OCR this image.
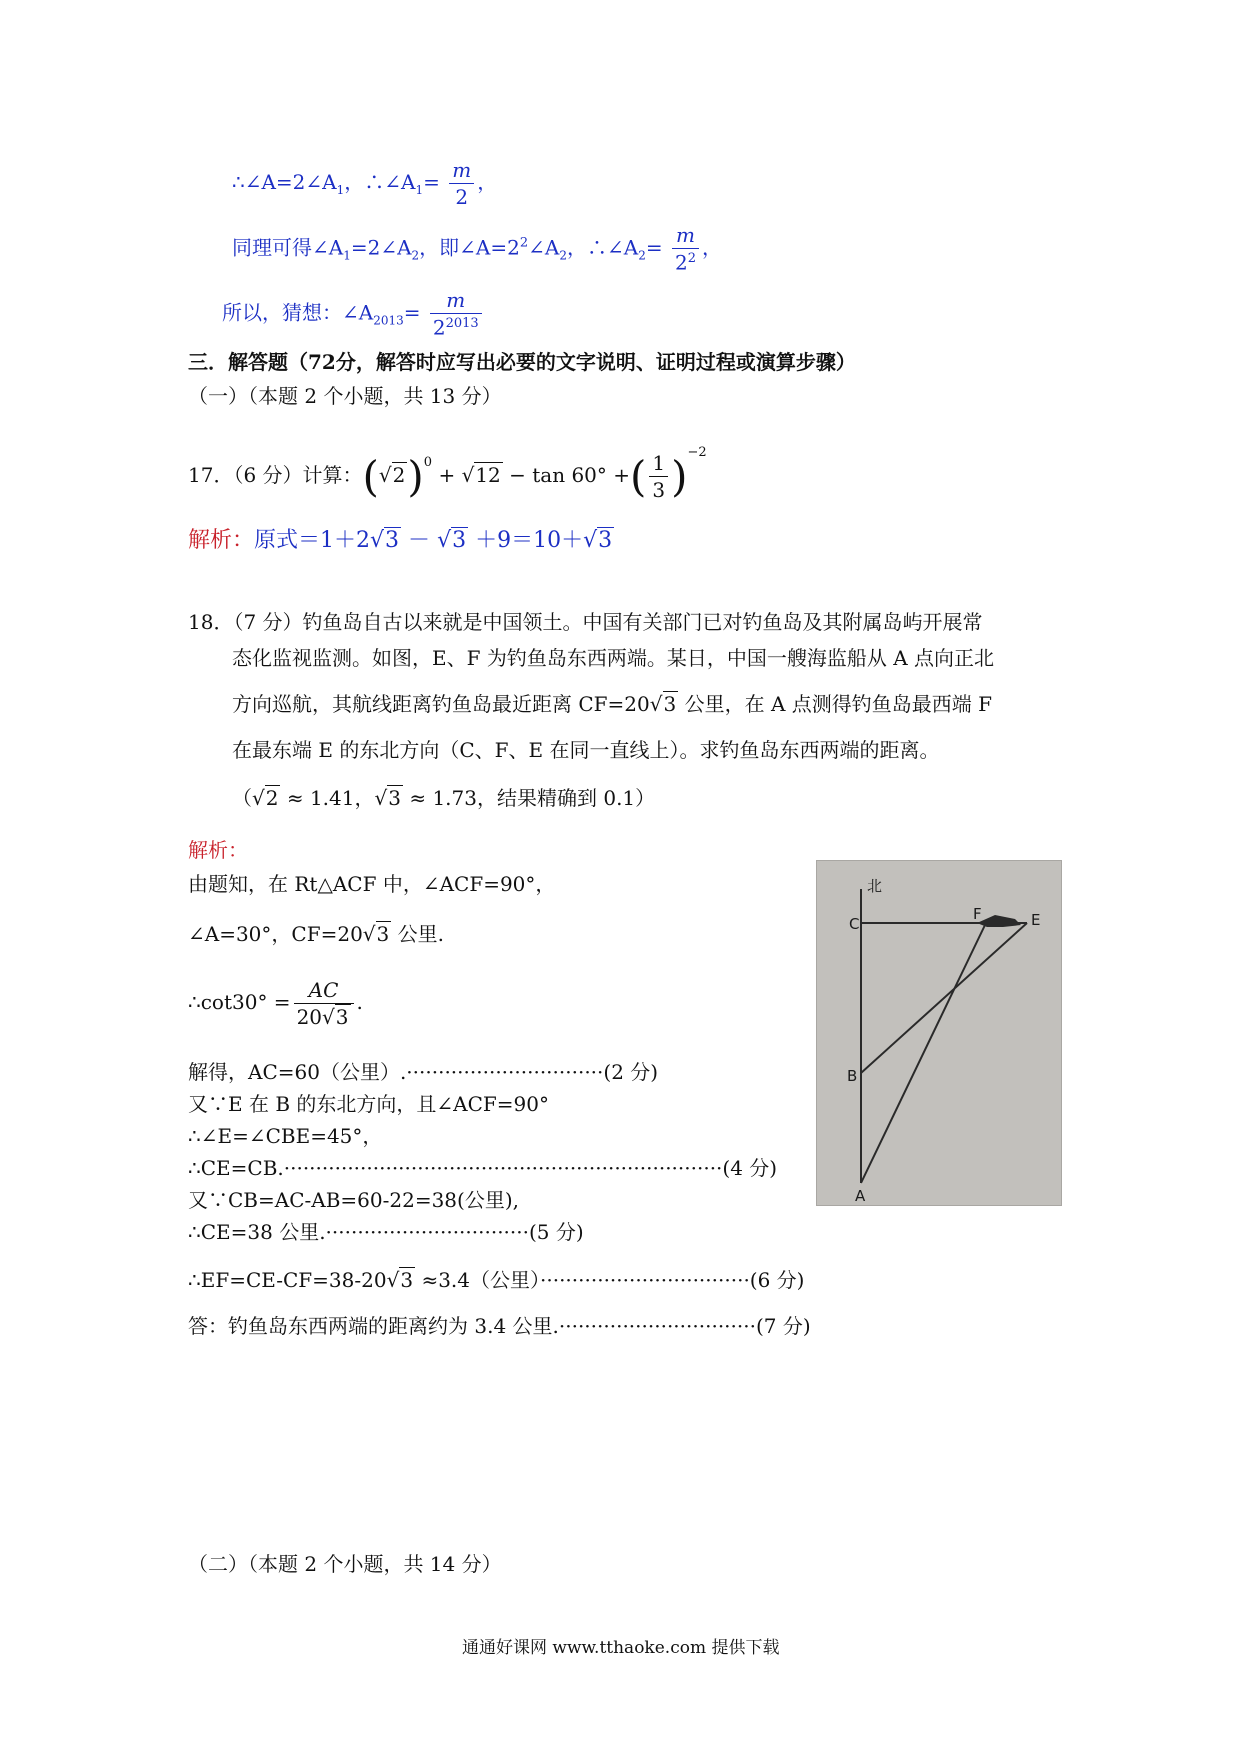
$\therefore\angle A=2\angle A_1$，$\therefore\angle A_1= \frac{m}{2}$ ，
同理可得$\angle A_1=2\angle A_2$，即$\angle A=2^2\angle A_2$，$\therefore\angle A_2= \frac{m}{2^2}$ ，
所以，猜想：$\angle A_{2013}= \frac{m}{2^{2013}}$
三．解答题（72分，解答时应写出必要的文字说明、证明过程或演算步骤）
（一）（本题 2 个小题，共 13 分）
17．（6 分）计算：$(√2)^0 + √12 - \tan 60^\circ$ +( $\frac{1}{3} )^{-2}$
解析：原式＝1＋2√3 － √3 ＋9＝10＋√3
18．（7 分）钓鱼岛自古以来就是中国领土。中国有关部门已对钓鱼岛及其附属岛屿开展常
态化监视监测。如图，E、F 为钓鱼岛东西两端。某日，中国一艘海监船从 A 点向正北
方向巡航，其航线距离钓鱼岛最近距离 CF=20√3 公里，在 A 点测得钓鱼岛最西端 F
在最东端 E 的东北方向（C、F、E 在同一直线上）。求钓鱼岛东西两端的距离。
（√2 ≈ 1.41，√3 ≈ 1.73，结果精确到 0.1）
解析：
由题知，在 Rt△ACF 中，∠ACF=90°，
∠A=30°，CF=20√3 公里.
∴cot30° = $\frac{AC}{20√3}$ .
解得，AC=60（公里）.·······························(2 分)
又∵E 在 B 的东北方向，且∠ACF=90°
∴∠E=∠CBE=45°，
∴CE=CB.·····································································(4 分)
又∵CB=AC-AB=60-22=38(公里),
∴CE=38 公里.································(5 分)
∴EF=CE-CF=38-20√3 ≈3.4（公里）·································(6 分)
答：钓鱼岛东西两端的距离约为 3.4 公里.·······························(7 分)
北
C
F	E
B
A
（二）（本题 2 个小题，共 14 分）
通通好课网 www.tthaoke.com 提供下载
